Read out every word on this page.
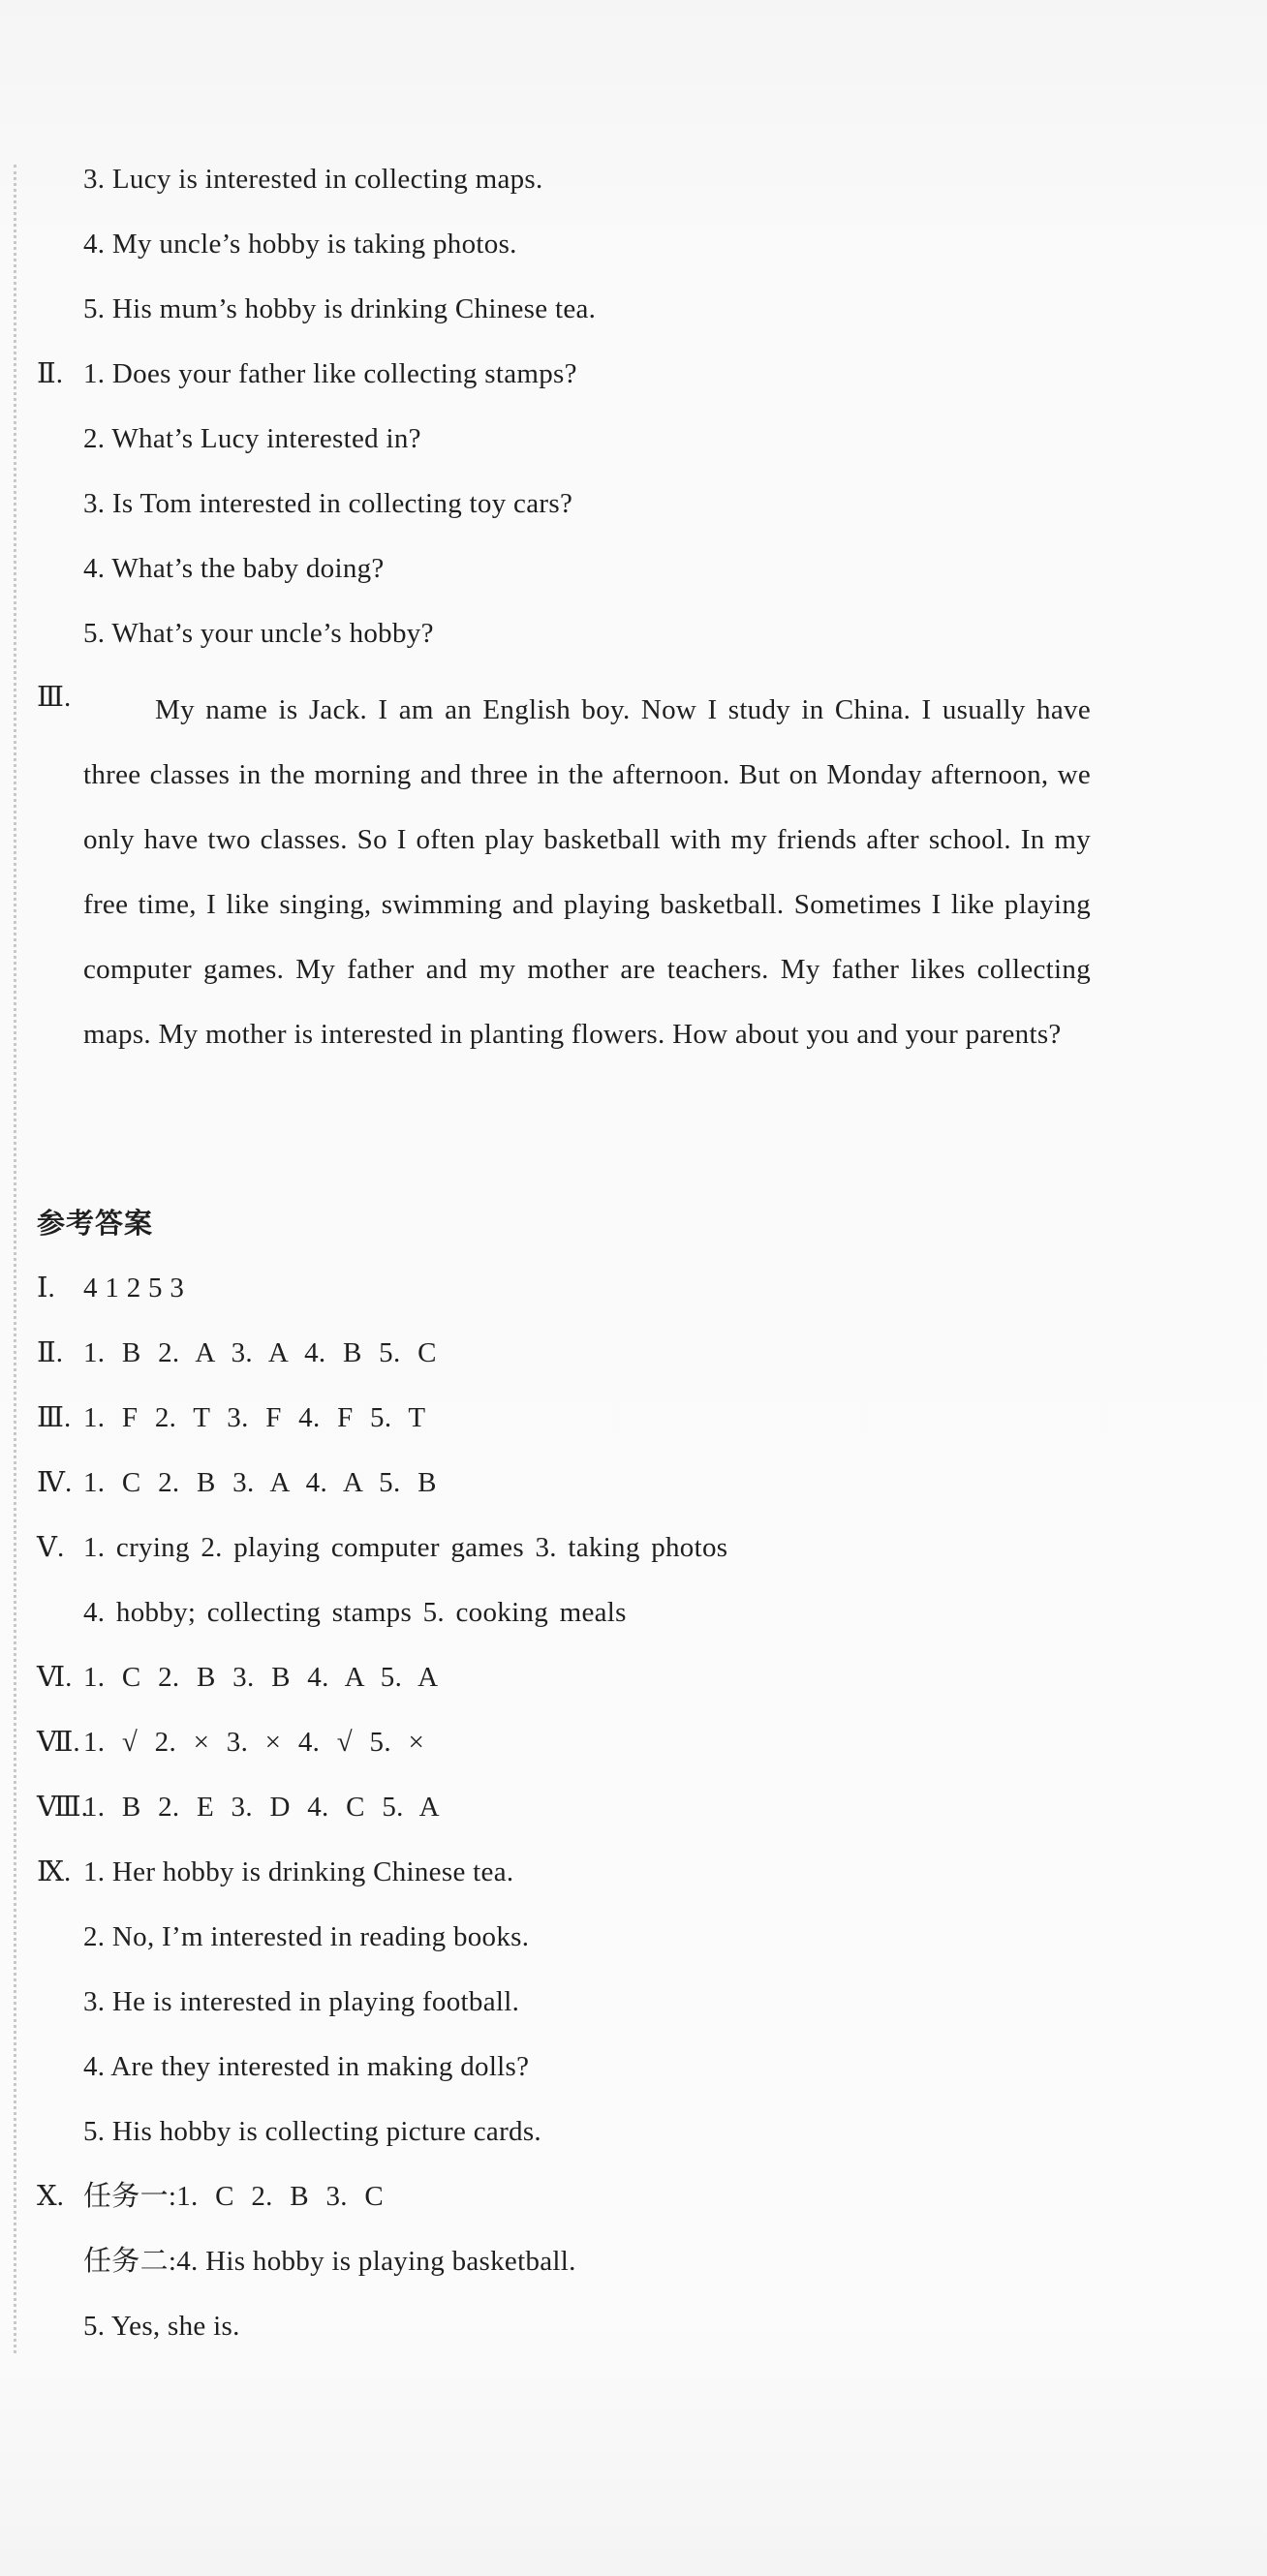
3. Lucy is interested in collecting maps.
4. My uncle’s hobby is taking photos.
5. His mum’s hobby is drinking Chinese tea.
Ⅱ. 1. Does your father like collecting stamps?
2. What’s Lucy interested in?
3. Is Tom interested in collecting toy cars?
4. What’s the baby doing?
5. What’s your uncle’s hobby?
Ⅲ.	My name is Jack. I am an English boy. Now I study in China. I usually have three classes in the morning and three in the afternoon. But on Monday afternoon, we only have two classes. So I often play basketball with my friends after school. In my free time, I like singing, swimming and playing basketball. Sometimes I like playing computer games. My father and my mother are teachers. My father likes collecting maps. My mother is interested in planting flowers. How about you and your parents?
参考答案
Ⅰ. 4 1 2 5 3
Ⅱ. 1. B 2. A 3. A 4. B 5. C
Ⅲ. 1. F 2. T 3. F 4. F 5. T
Ⅳ. 1. C 2. B 3. A 4. A 5. B
Ⅴ. 1. crying 2. playing computer games 3. taking photos
4. hobby; collecting stamps 5. cooking meals
Ⅵ. 1. C 2. B 3. B 4. A 5. A
Ⅶ. 1. √ 2. × 3. × 4. √ 5. ×
Ⅷ.
1. B 2. E 3. D 4. C 5. A
Ⅸ. 1. Her hobby is drinking Chinese tea.
2. No, I’m interested in reading books.
3. He is interested in playing football.
4. Are they interested in making dolls?
5. His hobby is collecting picture cards.
Ⅹ. 任务一:1. C 2. B 3. C
任务二:4. His hobby is playing basketball.
5. Yes, she is.
